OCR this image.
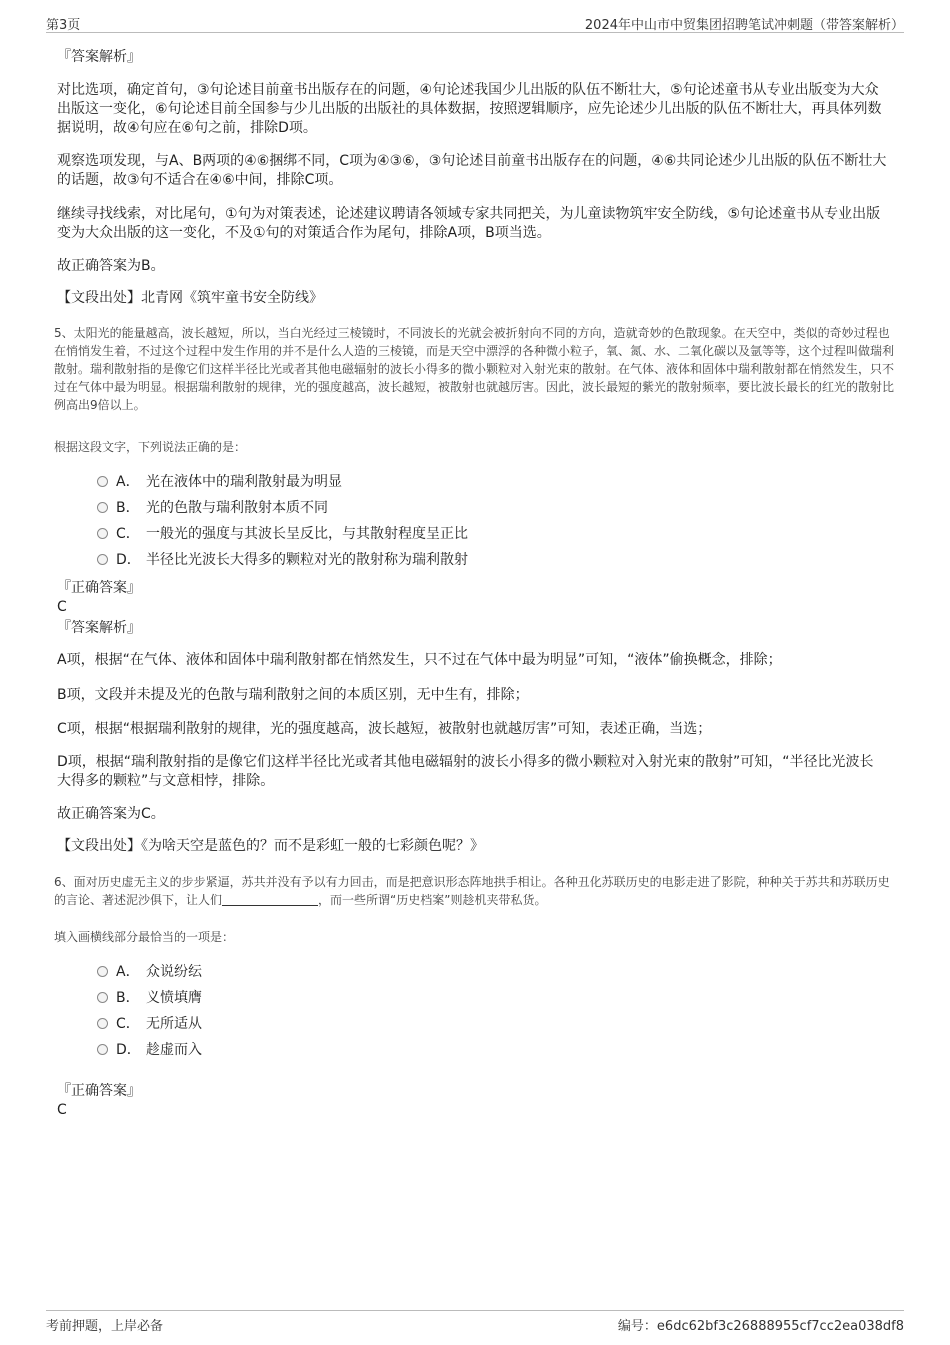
第3页	2024年中山市中贸集团招聘笔试冲刺题（带答案解析）

『答案解析』

对比选项，确定首句，③句论述目前童书出版存在的问题，④句论述我国少儿出版的队伍不断壮大，⑤句论述童书从专业出版变为大众出版这一变化，⑥句论述目前全国参与少儿出版的出版社的具体数据，按照逻辑顺序，应先论述少儿出版的队伍不断壮大，再具体列数据说明，故④句应在⑥句之前，排除D项。

观察选项发现，与A、B两项的④⑥捆绑不同，C项为④③⑥，③句论述目前童书出版存在的问题，④⑥共同论述少儿出版的队伍不断壮大的话题，故③句不适合在④⑥中间，排除C项。

继续寻找线索，对比尾句，①句为对策表述，论述建议聘请各领域专家共同把关，为儿童读物筑牢安全防线，⑤句论述童书从专业出版变为大众出版的这一变化，不及①句的对策适合作为尾句，排除A项，B项当选。

故正确答案为B。

【文段出处】北青网《筑牢童书安全防线》

5、太阳光的能量越高，波长越短，所以，当白光经过三棱镜时，不同波长的光就会被折射向不同的方向，造就奇妙的色散现象。在天空中，类似的奇妙过程也在悄悄发生着，不过这个过程中发生作用的并不是什么人造的三棱镜，而是天空中漂浮的各种微小粒子，氧、氮、水、二氧化碳以及氩等等，这个过程叫做瑞利散射。瑞利散射指的是像它们这样半径比光或者其他电磁辐射的波长小得多的微小颗粒对入射光束的散射。在气体、液体和固体中瑞利散射都在悄然发生，只不过在气体中最为明显。根据瑞利散射的规律，光的强度越高，波长越短，被散射也就越厉害。因此，波长最短的紫光的散射频率，要比波长最长的红光的散射比例高出9倍以上。

根据这段文字，下列说法正确的是：

A． 光在液体中的瑞利散射最为明显
B． 光的色散与瑞利散射本质不同
C． 一般光的强度与其波长呈反比，与其散射程度呈正比
D． 半径比光波长大得多的颗粒对光的散射称为瑞利散射

『正确答案』

C

『答案解析』

A项，根据“在气体、液体和固体中瑞利散射都在悄然发生，只不过在气体中最为明显”可知，“液体”偷换概念，排除；

B项，文段并未提及光的色散与瑞利散射之间的本质区别，无中生有，排除；

C项，根据“根据瑞利散射的规律，光的强度越高，波长越短，被散射也就越厉害”可知，表述正确，当选；

D项，根据“瑞利散射指的是像它们这样半径比光或者其他电磁辐射的波长小得多的微小颗粒对入射光束的散射”可知，“半径比光波长大得多的颗粒”与文意相悖，排除。

故正确答案为C。

【文段出处】《为啥天空是蓝色的？而不是彩虹一般的七彩颜色呢？》

6、面对历史虚无主义的步步紧逼，苏共并没有予以有力回击，而是把意识形态阵地拱手相让。各种丑化苏联历史的电影走进了影院，种种关于苏共和苏联历史的言论、著述泥沙俱下，让人们	，而一些所谓“历史档案”则趁机夹带私货。

填入画横线部分最恰当的一项是：

A． 众说纷纭
B． 义愤填膺
C． 无所适从
D． 趁虚而入

『正确答案』

C

考前押题，上岸必备	编号：e6dc62bf3c26888955cf7cc2ea038df8
